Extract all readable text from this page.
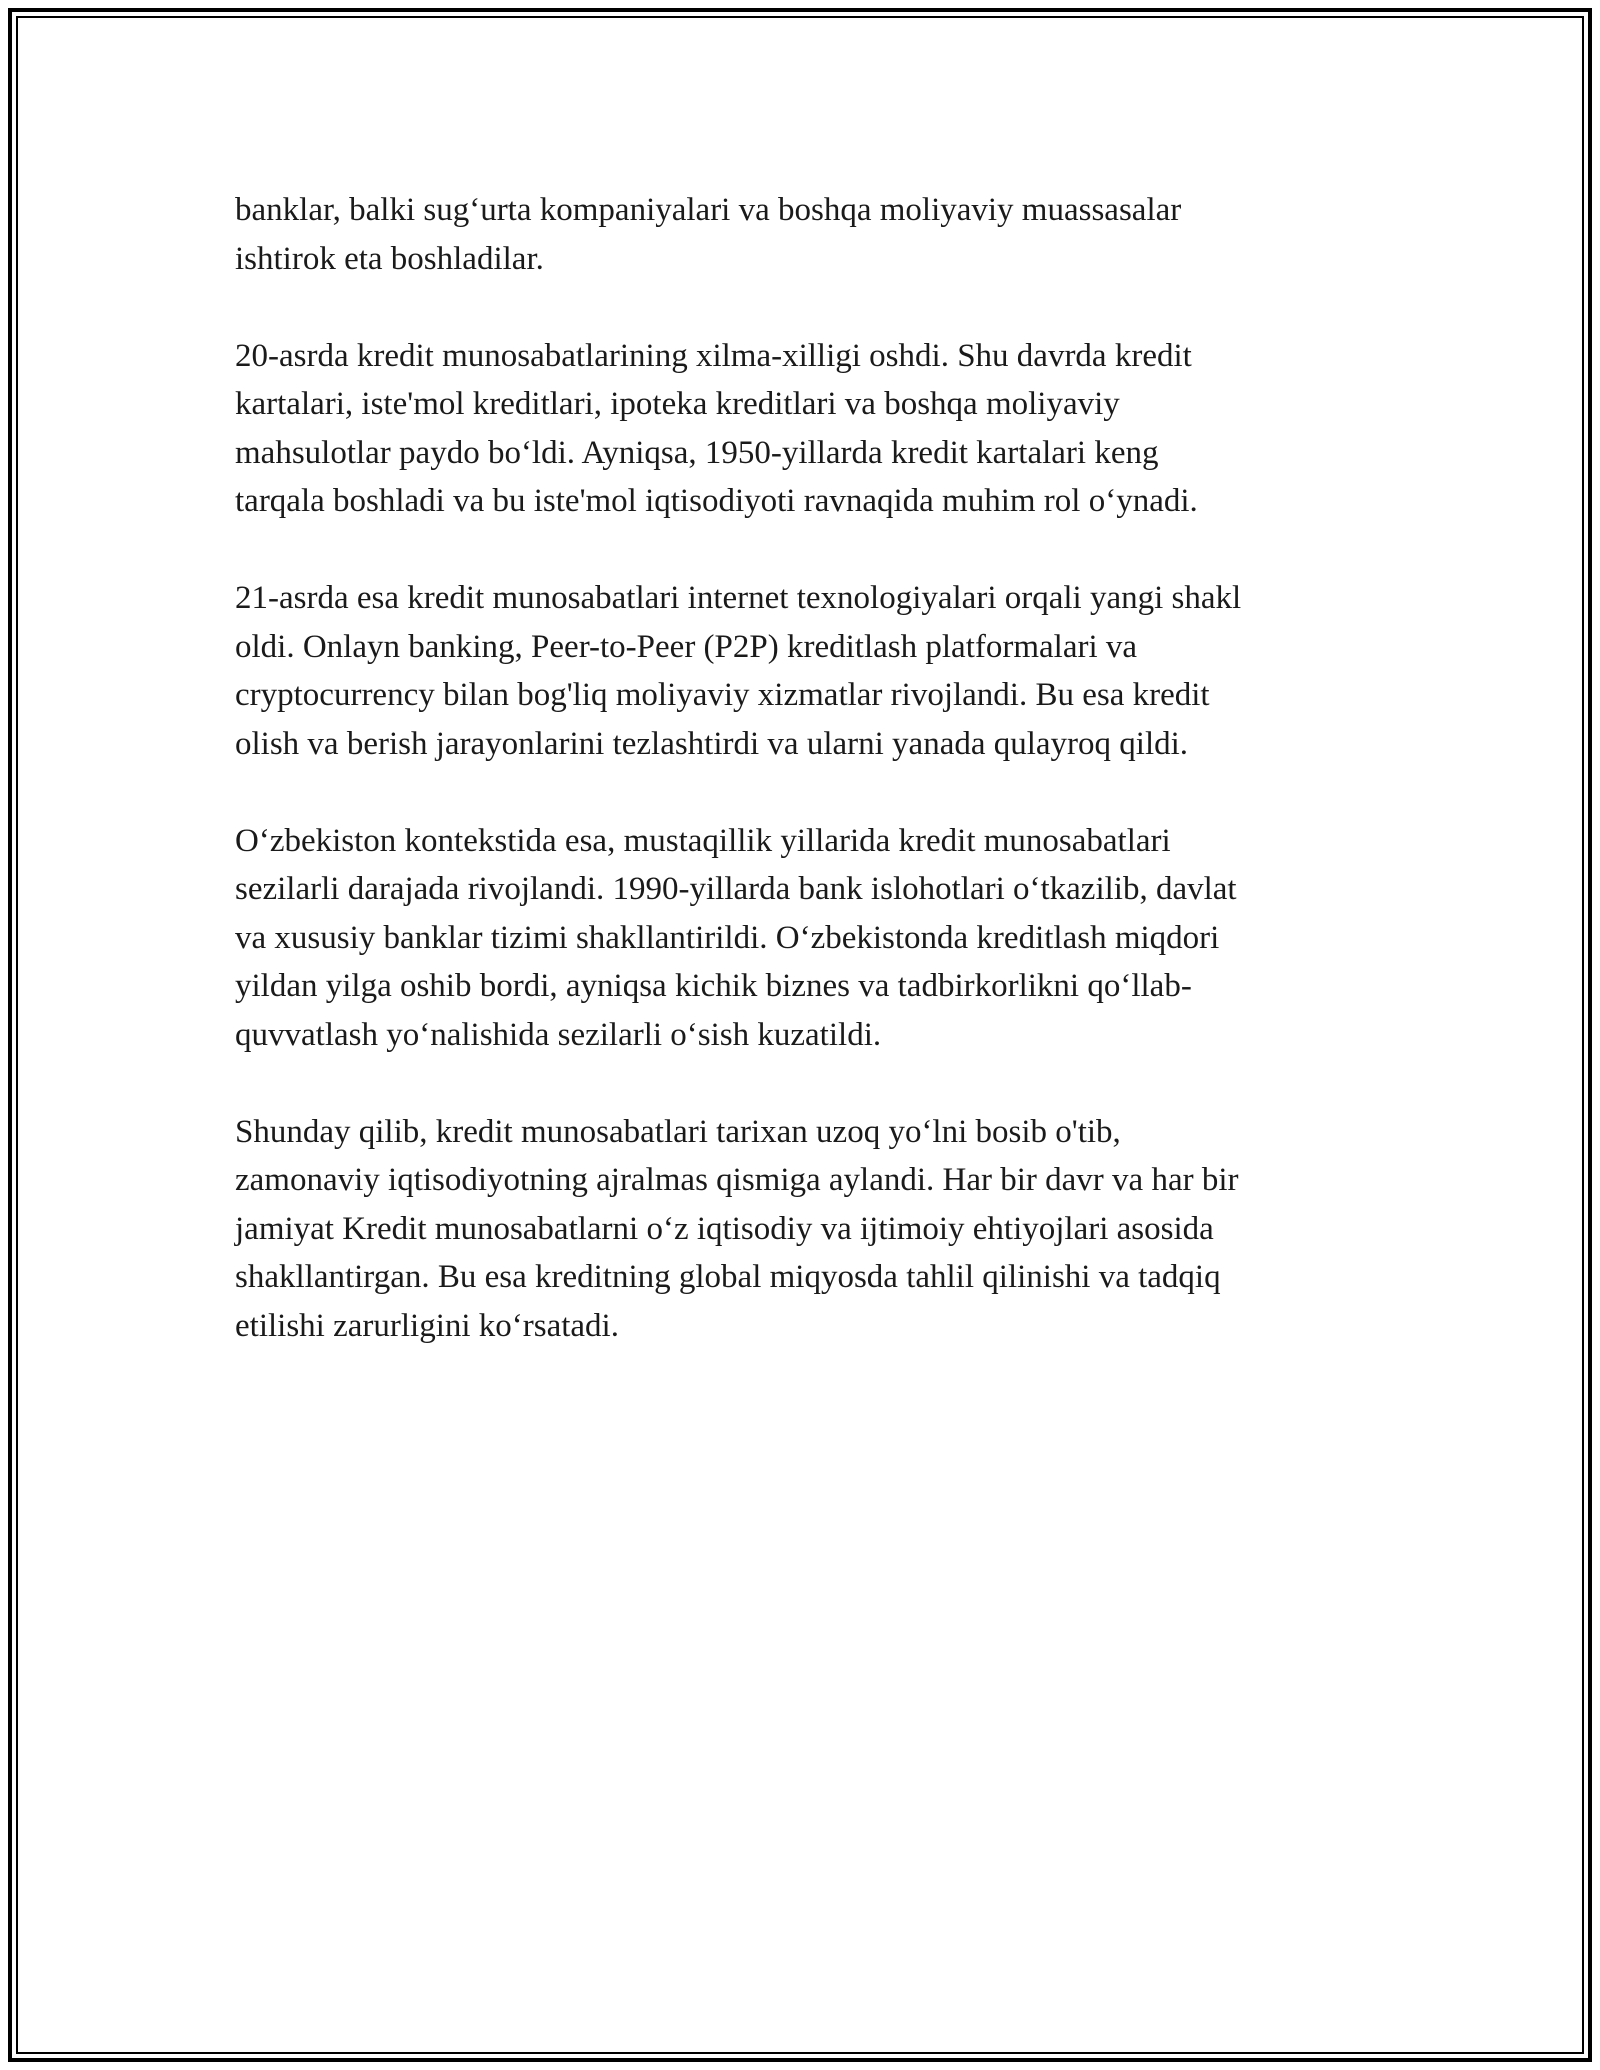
banklar, balki sug‘urta kompaniyalari va boshqa moliyaviy muassasalar
ishtirok eta boshladilar.

20-asrda kredit munosabatlarining xilma-xilligi oshdi. Shu davrda kredit
kartalari, iste'mol kreditlari, ipoteka kreditlari va boshqa moliyaviy
mahsulotlar paydo bo‘ldi. Ayniqsa, 1950-yillarda kredit kartalari keng
tarqala boshladi va bu iste'mol iqtisodiyoti ravnaqida muhim rol o‘ynadi.

21-asrda esa kredit munosabatlari internet texnologiyalari orqali yangi shakl
oldi. Onlayn banking, Peer-to-Peer (P2P) kreditlash platformalari va
cryptocurrency bilan bog'liq moliyaviy xizmatlar rivojlandi. Bu esa kredit
olish va berish jarayonlarini tezlashtirdi va ularni yanada qulayroq qildi.

O‘zbekiston kontekstida esa, mustaqillik yillarida kredit munosabatlari
sezilarli darajada rivojlandi. 1990-yillarda bank islohotlari o‘tkazilib, davlat
va xususiy banklar tizimi shakllantirildi. O‘zbekistonda kreditlash miqdori
yildan yilga oshib bordi, ayniqsa kichik biznes va tadbirkorlikni qo‘llab-
quvvatlash yo‘nalishida sezilarli o‘sish kuzatildi.

Shunday qilib, kredit munosabatlari tarixan uzoq yo‘lni bosib o'tib,
zamonaviy iqtisodiyotning ajralmas qismiga aylandi. Har bir davr va har bir
jamiyat Kredit munosabatlarni o‘z iqtisodiy va ijtimoiy ehtiyojlari asosida
shakllantirgan. Bu esa kreditning global miqyosda tahlil qilinishi va tadqiq
etilishi zarurligini ko‘rsatadi.
